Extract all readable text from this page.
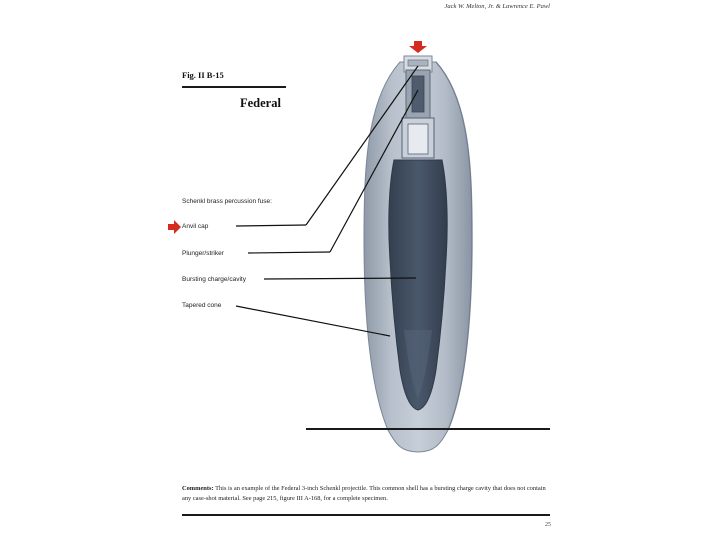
Jack W. Melton, Jr. & Lawrence E. Pawl
Fig. II B-15
Federal
Schenkl brass percussion fuse:
Anvil cap
Plunger/striker
Bursting charge/cavity
Tapered cone
Comments: This is an example of the Federal 3-inch Schenkl projectile. This common shell has a bursting charge cavity that does not contain any case-shot material. See page 215, figure III A-168, for a complete specimen.
25
